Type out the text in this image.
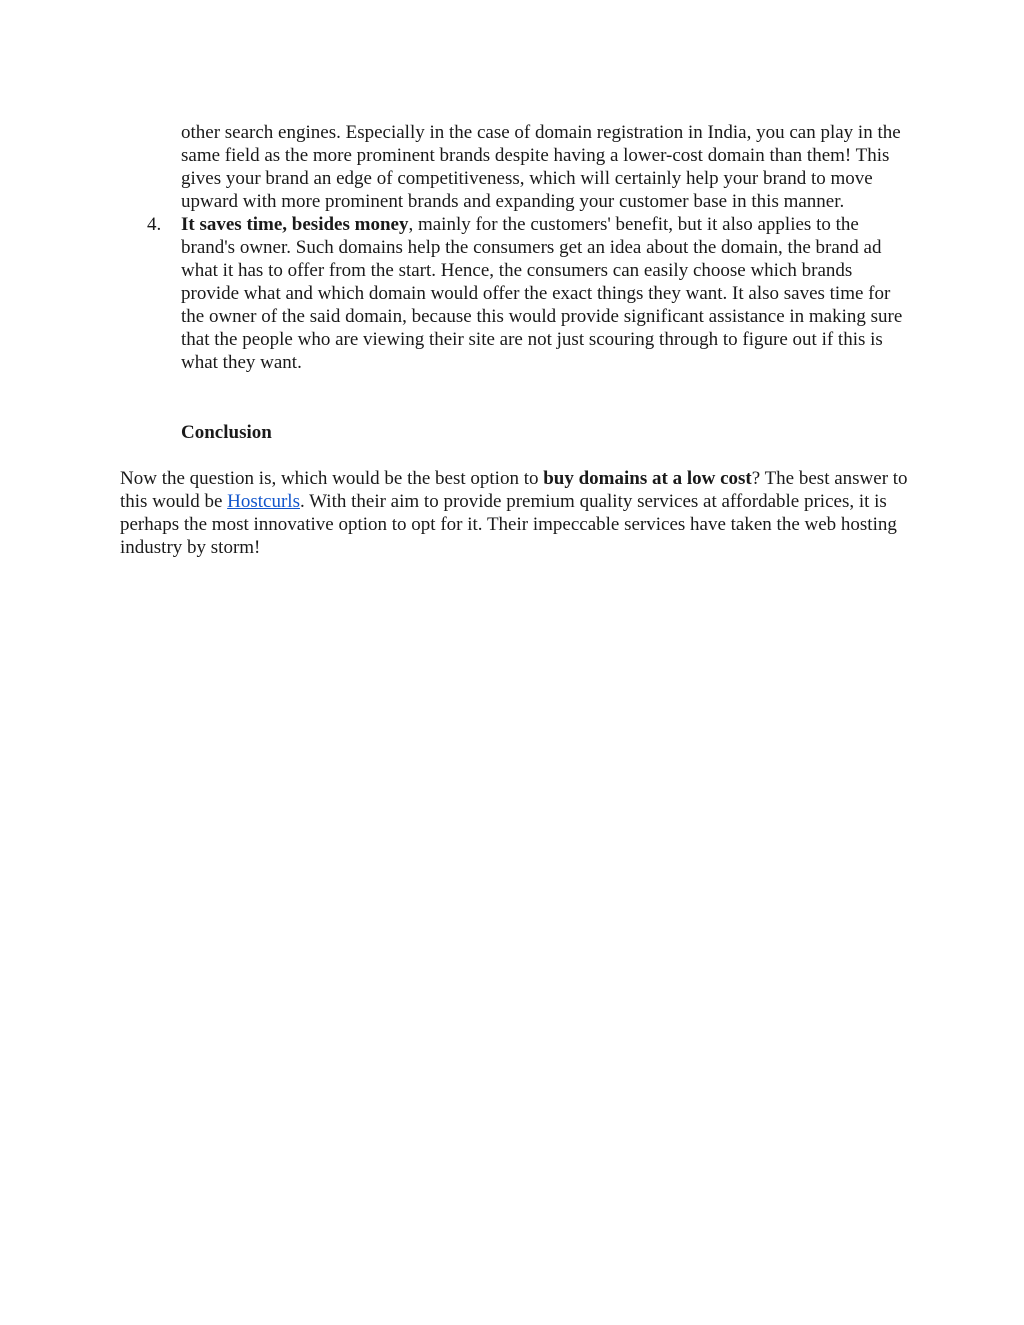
other search engines. Especially in the case of domain registration in India, you can play in the same field as the more prominent brands despite having a lower-cost domain than them! This gives your brand an edge of competitiveness, which will certainly help your brand to move upward with more prominent brands and expanding your customer base in this manner.

4.	It saves time, besides money, mainly for the customers' benefit, but it also applies to the brand's owner. Such domains help the consumers get an idea about the domain, the brand ad what it has to offer from the start. Hence, the consumers can easily choose which brands provide what and which domain would offer the exact things they want. It also saves time for the owner of the said domain, because this would provide significant assistance in making sure that the people who are viewing their site are not just scouring through to figure out if this is what they want.

Conclusion

Now the question is, which would be the best option to buy domains at a low cost? The best answer to this would be Hostcurls. With their aim to provide premium quality services at affordable prices, it is perhaps the most innovative option to opt for it. Their impeccable services have taken the web hosting industry by storm!
